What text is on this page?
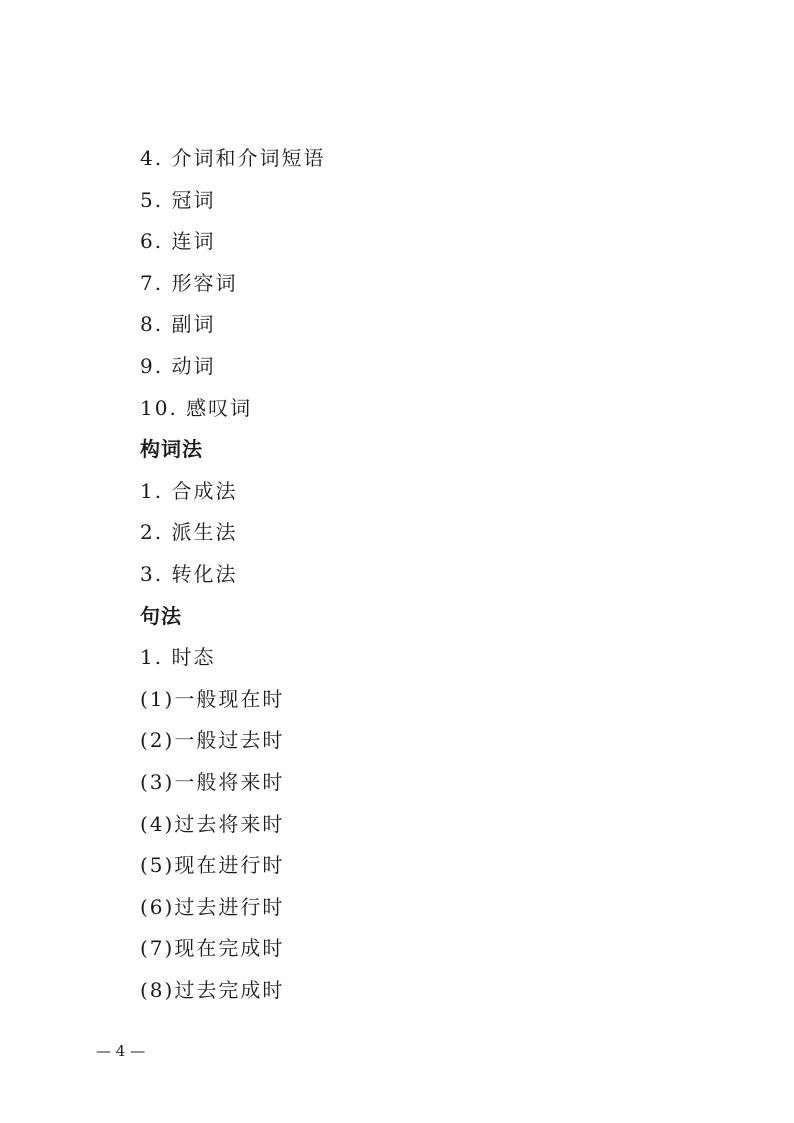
4. 介词和介词短语
5. 冠词
6. 连词
7. 形容词
8. 副词
9. 动词
10. 感叹词
构词法
1. 合成法
2. 派生法
3. 转化法
句法
1. 时态
(1)一般现在时
(2)一般过去时
(3)一般将来时
(4)过去将来时
(5)现在进行时
(6)过去进行时
(7)现在完成时
(8)过去完成时
— 4 —
